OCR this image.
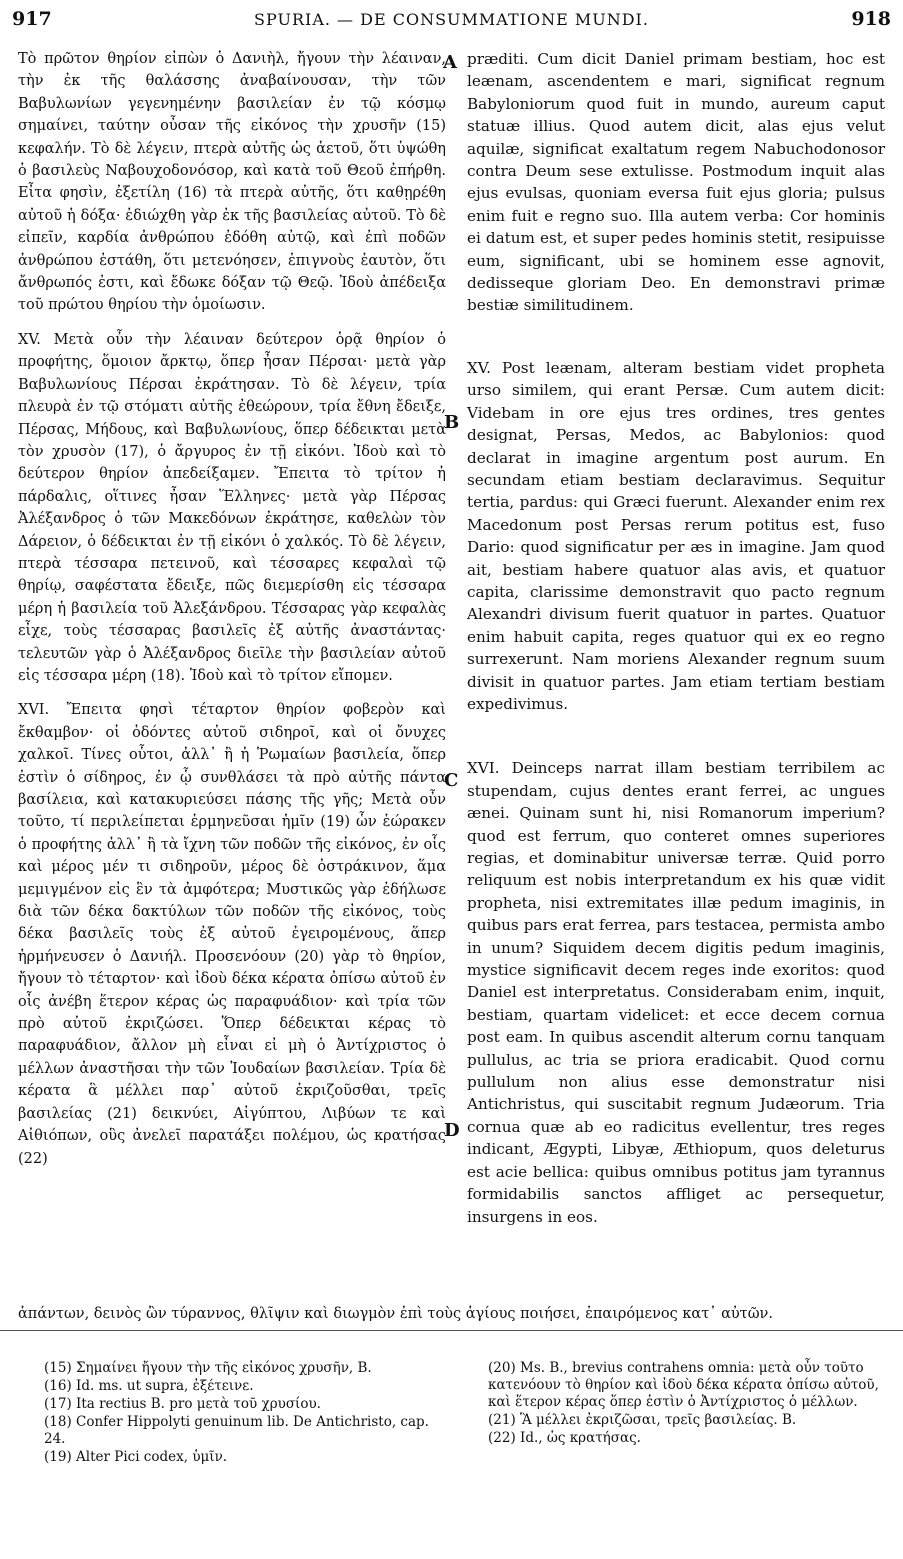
917	SPURIA. — DE CONSUMMATIONE MUNDI.	918

Τὸ πρῶτον θηρίον εἰπὼν ὁ Δανιὴλ, ἤγουν τὴν λέαιναν, τὴν ἐκ τῆς θαλάσσης ἀναβαίνουσαν, τὴν τῶν Βαβυλωνίων γεγενημένην βασιλείαν ἐν τῷ κόσμῳ σημαίνει, ταύτην οὖσαν τῆς εἰκόνος τὴν χρυσῆν (15) κεφαλήν. Τὸ δὲ λέγειν, πτερὰ αὐτῆς ὡς ἀετοῦ, ὅτι ὑψώθη ὁ βασιλεὺς Ναβουχοδονόσορ, καὶ κατὰ τοῦ Θεοῦ ἐπήρθη. Εἶτα φησὶν, ἐξετίλη (16) τὰ πτερὰ αὐτῆς, ὅτι καθῃρέθη αὐτοῦ ἡ δόξα· ἐδιώχθη γὰρ ἐκ τῆς βασιλείας αὐτοῦ. Τὸ δὲ εἰπεῖν, καρδία ἀνθρώπου ἐδόθη αὐτῷ, καὶ ἐπὶ ποδῶν ἀνθρώπου ἐστάθη, ὅτι μετενόησεν, ἐπιγνοὺς ἑαυτὸν, ὅτι ἄνθρωπός ἐστι, καὶ ἔδωκε δόξαν τῷ Θεῷ. Ἰδοὺ ἀπέδειξα τοῦ πρώτου θηρίου τὴν ὁμοίωσιν.

XV. Μετὰ οὖν τὴν λέαιναν δεύτερον ὁρᾷ θηρίον ὁ προφήτης, ὅμοιον ἄρκτῳ, ὅπερ ἦσαν Πέρσαι· μετὰ γὰρ Βαβυλωνίους Πέρσαι ἐκράτησαν. Τὸ δὲ λέγειν, τρία πλευρὰ ἐν τῷ στόματι αὐτῆς ἐθεώρουν, τρία ἔθνη ἔδειξε, Πέρσας, Μήδους, καὶ Βαβυλωνίους, ὅπερ δέδεικται μετὰ τὸν χρυσὸν (17), ὁ ἄργυρος ἐν τῇ εἰκόνι. Ἰδοὺ καὶ τὸ δεύτερον θηρίον ἀπεδείξαμεν. Ἔπειτα τὸ τρίτον ἡ πάρδαλις, οἵτινες ἦσαν Ἕλληνες· μετὰ γὰρ Πέρσας Ἀλέξανδρος ὁ τῶν Μακεδόνων ἐκράτησε, καθελὼν τὸν Δάρειον, ὁ δέδεικται ἐν τῇ εἰκόνι ὁ χαλκός. Τὸ δὲ λέγειν, πτερὰ τέσσαρα πετεινοῦ, καὶ τέσσαρες κεφαλαὶ τῷ θηρίῳ, σαφέστατα ἔδειξε, πῶς διεμερίσθη εἰς τέσσαρα μέρη ἡ βασιλεία τοῦ Ἀλεξάνδρου. Τέσσαρας γὰρ κεφαλὰς εἶχε, τοὺς τέσσαρας βασιλεῖς ἐξ αὐτῆς ἀναστάντας· τελευτῶν γὰρ ὁ Ἀλέξανδρος διεῖλε τὴν βασιλείαν αὐτοῦ εἰς τέσσαρα μέρη (18). Ἰδοὺ καὶ τὸ τρίτον εἴπομεν.

XVI. Ἔπειτα φησὶ τέταρτον θηρίον φοβερὸν καὶ ἔκθαμβον· οἱ ὀδόντες αὐτοῦ σιδηροῖ, καὶ οἱ ὄνυχες χαλκοῖ. Τίνες οὗτοι, ἀλλ᾽ ἢ ἡ Ῥωμαίων βασιλεία, ὅπερ ἐστὶν ὁ σίδηρος, ἐν ᾧ συνθλάσει τὰ πρὸ αὐτῆς πάντα βασίλεια, καὶ κατακυριεύσει πάσης τῆς γῆς; Μετὰ οὖν τοῦτο, τί περιλείπεται ἑρμηνεῦσαι ἡμῖν (19) ὧν ἑώρακεν ὁ προφήτης ἀλλ᾽ ἢ τὰ ἴχνη τῶν ποδῶν τῆς εἰκόνος, ἐν οἷς καὶ μέρος μέν τι σιδηροῦν, μέρος δὲ ὀστράκινον, ἅμα μεμιγμένον εἰς ἓν τὰ ἀμφότερα; Μυστικῶς γὰρ ἐδήλωσε διὰ τῶν δέκα δακτύλων τῶν ποδῶν τῆς εἰκόνος, τοὺς δέκα βασιλεῖς τοὺς ἐξ αὐτοῦ ἐγειρομένους, ἅπερ ἡρμήνευσεν ὁ Δανιήλ. Προσενόουν (20) γὰρ τὸ θηρίον, ἤγουν τὸ τέταρτον· καὶ ἰδοὺ δέκα κέρατα ὀπίσω αὐτοῦ ἐν οἷς ἀνέβη ἕτερον κέρας ὡς παραφυάδιον· καὶ τρία τῶν πρὸ αὐτοῦ ἐκριζώσει. Ὅπερ δέδεικται κέρας τὸ παραφυάδιον, ἄλλον μὴ εἶναι εἰ μὴ ὁ Ἀντίχριστος ὁ μέλλων ἀναστῆσαι τὴν τῶν Ἰουδαίων βασιλείαν. Τρία δὲ κέρατα ἃ μέλλει παρ᾽ αὐτοῦ ἐκριζοῦσθαι, τρεῖς βασιλείας (21) δεικνύει, Αἰγύπτου, Λιβύων τε καὶ Αἰθιόπων, οὓς ἀνελεῖ παρατάξει πολέμου, ὡς κρατήσας (22)

præditi. Cum dicit Daniel primam bestiam, hoc est leænam, ascendentem e mari, significat regnum Babyloniorum quod fuit in mundo, aureum caput statuæ illius. Quod autem dicit, alas ejus velut aquilæ, significat exaltatum regem Nabuchodonosor contra Deum sese extulisse. Postmodum inquit alas ejus evulsas, quoniam eversa fuit ejus gloria; pulsus enim fuit e regno suo. Illa autem verba: Cor hominis ei datum est, et super pedes hominis stetit, resipuisse eum, significant, ubi se hominem esse agnovit, dedisseque gloriam Deo. En demonstravi primæ bestiæ similitudinem.

XV. Post leænam, alteram bestiam videt propheta urso similem, qui erant Persæ. Cum autem dicit: Videbam in ore ejus tres ordines, tres gentes designat, Persas, Medos, ac Babylonios: quod declarat in imagine argentum post aurum. En secundam etiam bestiam declaravimus. Sequitur tertia, pardus: qui Græci fuerunt. Alexander enim rex Macedonum post Persas rerum potitus est, fuso Dario: quod significatur per æs in imagine. Jam quod ait, bestiam habere quatuor alas avis, et quatuor capita, clarissime demonstravit quo pacto regnum Alexandri divisum fuerit quatuor in partes. Quatuor enim habuit capita, reges quatuor qui ex eo regno surrexerunt. Nam moriens Alexander regnum suum divisit in quatuor partes. Jam etiam tertiam bestiam expedivimus.

XVI. Deinceps narrat illam bestiam terribilem ac stupendam, cujus dentes erant ferrei, ac ungues ænei. Quinam sunt hi, nisi Romanorum imperium? quod est ferrum, quo conteret omnes superiores regias, et dominabitur universæ terræ. Quid porro reliquum est nobis interpretandum ex his quæ vidit propheta, nisi extremitates illæ pedum imaginis, in quibus pars erat ferrea, pars testacea, permista ambo in unum? Siquidem decem digitis pedum imaginis, mystice significavit decem reges inde exoritos: quod Daniel est interpretatus. Considerabam enim, inquit, bestiam, quartam videlicet: et ecce decem cornua post eam. In quibus ascendit alterum cornu tanquam pullulus, ac tria se priora eradicabit. Quod cornu pullulum non alius esse demonstratur nisi Antichristus, qui suscitabit regnum Judæorum. Tria cornua quæ ab eo radicitus evellentur, tres reges indicant, Ægypti, Libyæ, Æthiopum, quos deleturus est acie bellica: quibus omnibus potitus jam tyrannus formidabilis sanctos affliget ac persequetur, insurgens in eos.

A
B
C
D
ἁπάντων, δεινὸς ὢν τύραννος, θλῖψιν καὶ διωγμὸν ἐπὶ τοὺς ἁγίους ποιήσει, ἐπαιρόμενος κατ᾽ αὐτῶν.
(15) Σημαίνει ἤγουν τὴν τῆς εἰκόνος χρυσῆν, B.
(16) Id. ms. ut supra, ἐξέτεινε.
(17) Ita rectius B. pro μετὰ τοῦ χρυσίου.
(18) Confer Hippolyti genuinum lib. De Antichristo, cap. 24.
(19) Alter Pici codex, ὑμῖν.
(20) Ms. B., brevius contrahens omnia: μετὰ οὖν τοῦτο κατενόουν τὸ θηρίον καὶ ἰδοὺ δέκα κέρατα ὀπίσω αὐτοῦ, καὶ ἕτερον κέρας ὅπερ ἐστὶν ὁ Ἀντίχριστος ὁ μέλλων.
(21) Ἃ μέλλει ἐκριζῶσαι, τρεῖς βασιλείας. B.
(22) Id., ὡς κρατήσας.
